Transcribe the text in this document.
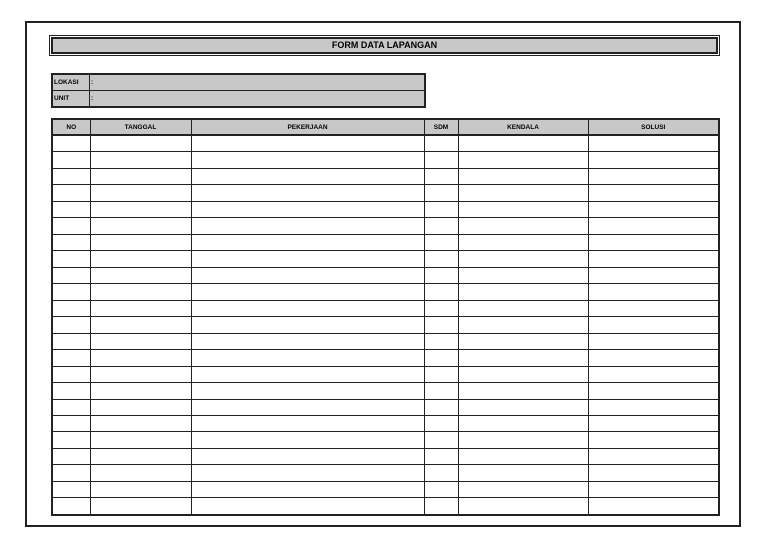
FORM DATA LAPANGAN
LOKASI	:
UNIT	:
NO	TANGGAL	PEKERJAAN	SDM	KENDALA	SOLUSI
